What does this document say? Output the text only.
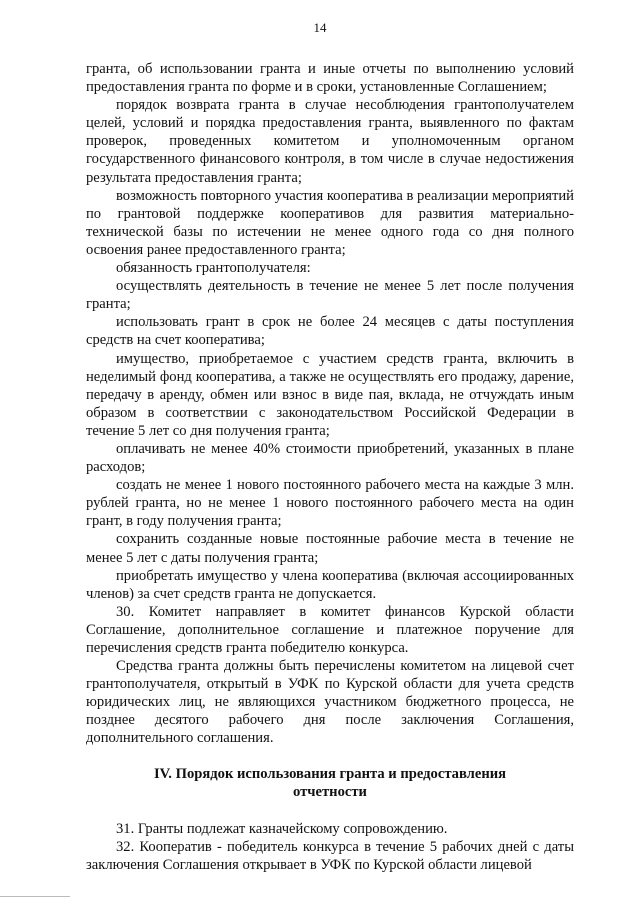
14

гранта, об использовании гранта и иные отчеты по выполнению условий предоставления гранта по форме и в сроки, установленные Соглашением;

порядок возврата гранта в случае несоблюдения грантополучателем целей, условий и порядка предоставления гранта, выявленного по фактам проверок, проведенных комитетом и уполномоченным органом государственного финансового контроля, в том числе в случае недостижения результата предоставления гранта;

возможность повторного участия кооператива в реализации мероприятий по грантовой поддержке кооперативов для развития материально-технической базы по истечении не менее одного года со дня полного освоения ранее предоставленного гранта;

обязанность грантополучателя:

осуществлять деятельность в течение не менее 5 лет после получения гранта;

использовать грант в срок не более 24 месяцев с даты поступления средств на счет кооператива;

имущество, приобретаемое с участием средств гранта, включить в неделимый фонд кооператива, а также не осуществлять его продажу, дарение, передачу в аренду, обмен или взнос в виде пая, вклада, не отчуждать иным образом в соответствии с законодательством Российской Федерации в течение 5 лет со дня получения гранта;

оплачивать не менее 40% стоимости приобретений, указанных в плане расходов;

создать не менее 1 нового постоянного рабочего места на каждые 3 млн. рублей гранта, но не менее 1 нового постоянного рабочего места на один грант, в году получения гранта;

сохранить созданные новые постоянные рабочие места в течение не менее 5 лет с даты получения гранта;

приобретать имущество у члена кооператива (включая ассоциированных членов) за счет средств гранта не допускается.

30. Комитет направляет в комитет финансов Курской области Соглашение, дополнительное соглашение и платежное поручение для перечисления средств гранта победителю конкурса.

Средства гранта должны быть перечислены комитетом на лицевой счет грантополучателя, открытый в УФК по Курской области для учета средств юридических лиц, не являющихся участником бюджетного процесса, не позднее десятого рабочего дня после заключения Соглашения, дополнительного соглашения.

IV. Порядок использования гранта и предоставления отчетности

31. Гранты подлежат казначейскому сопровождению.

32. Кооператив - победитель конкурса в течение 5 рабочих дней с даты заключения Соглашения открывает в УФК по Курской области лицевой
